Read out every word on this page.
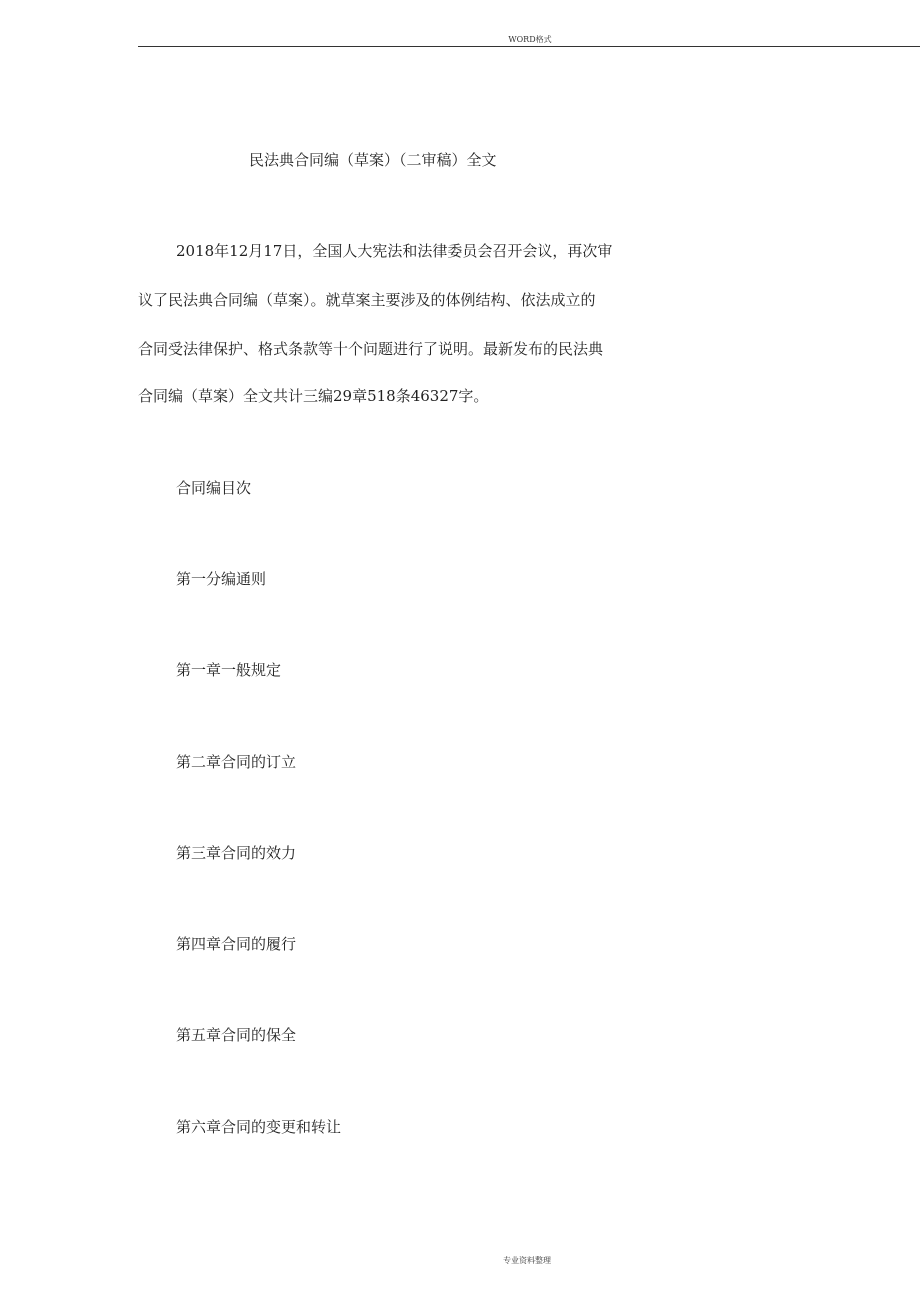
WORD格式
民法典合同编（草案）（二审稿）全文
2018年12月17日，全国人大宪法和法律委员会召开会议，再次审
议了民法典合同编（草案）。就草案主要涉及的体例结构、依法成立的
合同受法律保护、格式条款等十个问题进行了说明。最新发布的民法典
合同编（草案）全文共计三编29章518条46327字。
合同编目次
第一分编通则
第一章一般规定
第二章合同的订立
第三章合同的效力
第四章合同的履行
第五章合同的保全
第六章合同的变更和转让
专业资料整理
